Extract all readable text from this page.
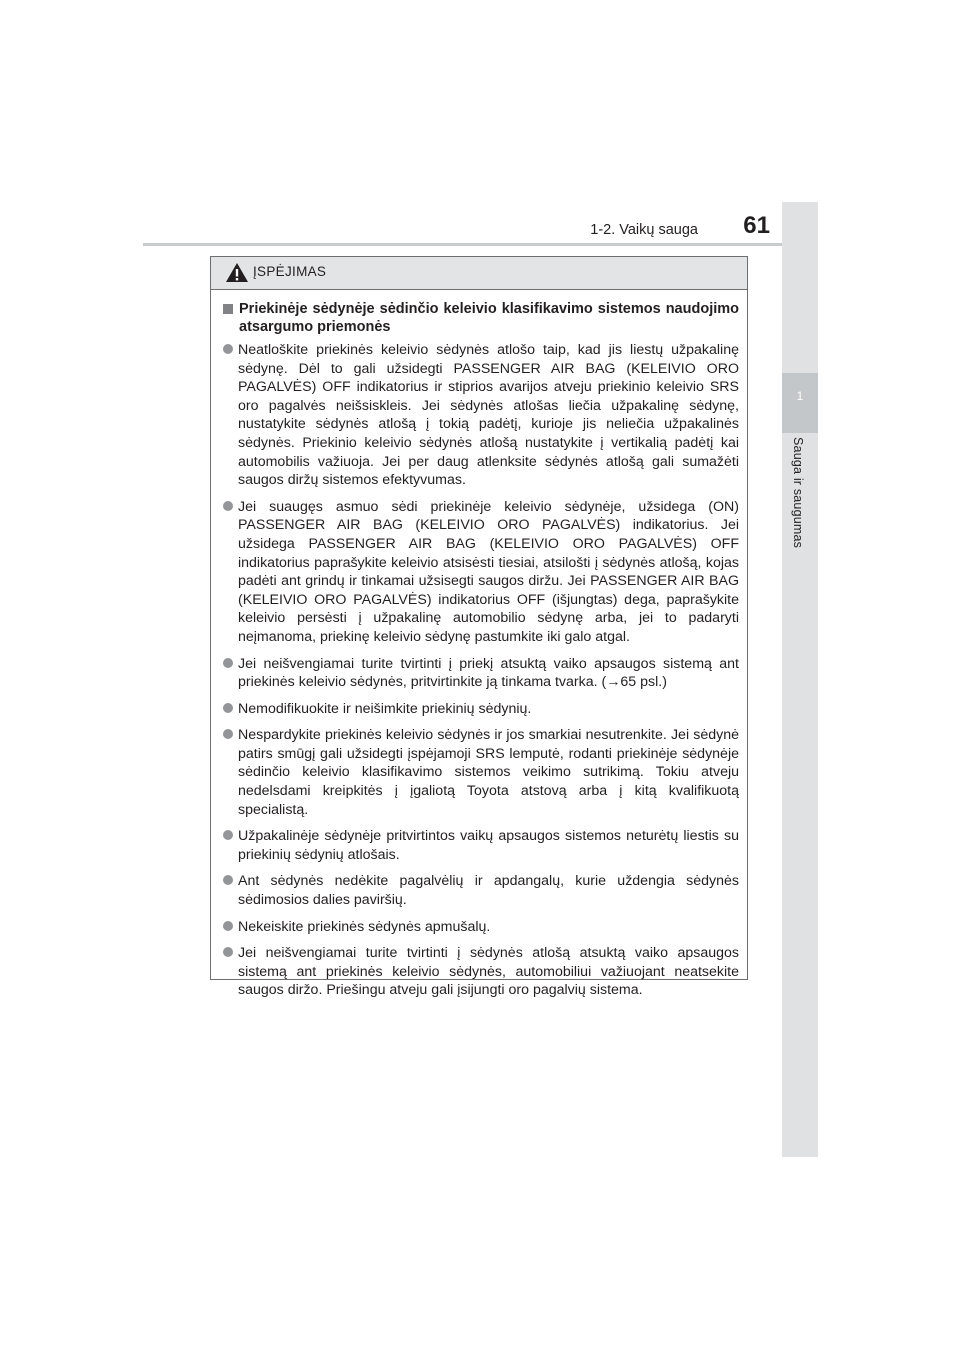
1-2. Vaikų sauga	61
1
Sauga ir saugumas
ĮSPĖJIMAS
Priekinėje sėdynėje sėdinčio keleivio klasifikavimo sistemos naudojimo atsargumo priemonės
Neatloškite priekinės keleivio sėdynės atlošo taip, kad jis liestų užpakalinę sėdynę. Dėl to gali užsidegti PASSENGER AIR BAG (KELEIVIO ORO PAGALVĖS) OFF indikatorius ir stiprios avarijos atveju priekinio keleivio SRS oro pagalvės neišsiskleis. Jei sėdynės atlošas liečia užpakalinę sėdynę, nustatykite sėdynės atlošą į tokią padėtį, kurioje jis neliečia užpakalinės sėdynės. Priekinio keleivio sėdynės atlošą nustatykite į vertikalią padėtį kai automobilis važiuoja. Jei per daug atlenksite sėdynės atlošą gali sumažėti saugos diržų sistemos efektyvumas.
Jei suaugęs asmuo sėdi priekinėje keleivio sėdynėje, užsidega (ON) PASSENGER AIR BAG (KELEIVIO ORO PAGALVĖS) indikatorius. Jei užsidega PASSENGER AIR BAG (KELEIVIO ORO PAGALVĖS) OFF indikatorius paprašykite keleivio atsisėsti tiesiai, atsilošti į sėdynės atlošą, kojas padėti ant grindų ir tinkamai užsisegti saugos diržu. Jei PASSENGER AIR BAG (KELEIVIO ORO PAGALVĖS) indikatorius OFF (išjungtas) dega, paprašykite keleivio persėsti į užpakalinę automobilio sėdynę arba, jei to padaryti neįmanoma, priekinę keleivio sėdynę pastumkite iki galo atgal.
Jei neišvengiamai turite tvirtinti į priekį atsuktą vaiko apsaugos sistemą ant priekinės keleivio sėdynės, pritvirtinkite ją tinkama tvarka. (→65 psl.)
Nemodifikuokite ir neišimkite priekinių sėdynių.
Nespardykite priekinės keleivio sėdynės ir jos smarkiai nesutrenkite. Jei sėdynė patirs smūgį gali užsidegti įspėjamoji SRS lemputė, rodanti priekinėje sėdynėje sėdinčio keleivio klasifikavimo sistemos veikimo sutrikimą. Tokiu atveju nedelsdami kreipkitės į įgaliotą Toyota atstovą arba į kitą kvalifikuotą specialistą.
Užpakalinėje sėdynėje pritvirtintos vaikų apsaugos sistemos neturėtų liestis su priekinių sėdynių atlošais.
Ant sėdynės nedėkite pagalvėlių ir apdangalų, kurie uždengia sėdynės sėdimosios dalies paviršių.
Nekeiskite priekinės sėdynės apmušalų.
Jei neišvengiamai turite tvirtinti į sėdynės atlošą atsuktą vaiko apsaugos sistemą ant priekinės keleivio sėdynės, automobiliui važiuojant neatsekite saugos diržo. Priešingu atveju gali įsijungti oro pagalvių sistema.
